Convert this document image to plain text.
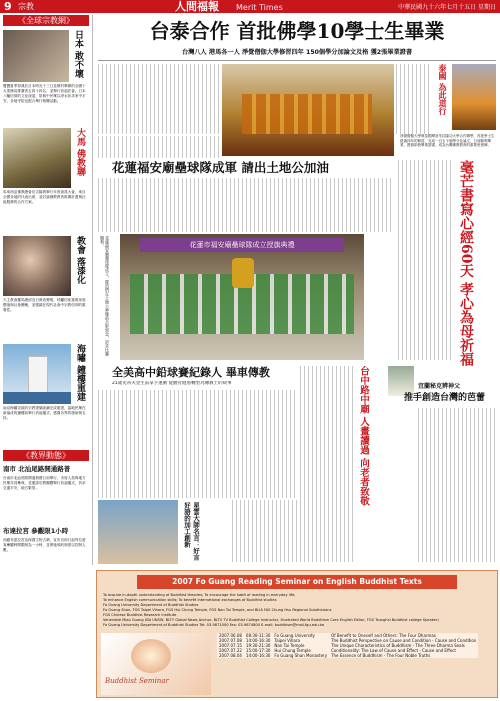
9 宗教	人間福報 Merit Times	中華民國九十六年七月十五日 星期日
《全球宗教網》
日本 敢不壞
寶寶夏季祭典於日本時光十三日及鄉村舉辦的全國十大業務局推廣者五四十四名，並舉行祈福法會。日本八幡信仰的文化深遠，祭典中民眾以淨水祈求家中平安，各地寺院也配合舉行相關活動。
大馬 佛教聯
馬來西亞佛教總會於吉隆坡舉行年度會員大會，來自全國各地的代表出席，並討論佛教教育推廣計畫與社區服務的合作方案。
教會 落漆化
天主教會羅馬總部近日發表聲明，呼籲信徒重視家庭價值與社會關懷，並強調在現代社會中宗教信仰的重要性。
海嘯 鐘樓重建
南亞海嘯災區的宗教建築陸續完成重建，當地民眾在新落成的鐘樓前舉行祈福儀式，感謝各界的援助與支持。
《教界動態》
南市 北汕尾路開通路普
台南市北汕尾路開通典禮日前舉行，市府人員與地方民眾共同參與，並邀請宗教團體舉行祈福儀式，祈求交通平安，地方繁榮。
布達拉宮 參觀限1小時
西藏布達拉宮為保護文物古蹟，宣布自即日起每位遊客參觀時間限制為一小時，並實施預約制度以控制人數。
台泰合作 首批佛學10學士生畢業
台灣八人 港馬各一人 淨覺僧伽大學修習四年 150個學分加論文及格 獲2張畢業證書
泰國 為此道行
淨覺僧伽大學與泰國摩訶朱拉隆功大學合作辦學，首批學士生經過四年的修習，完成一百五十個學分及論文，日前順利畢業，獲頒兩校畢業證書，成為台灣佛教教育的重要里程碑。
花蓮福安廟壘球隊成軍 請出土地公加油
花蓮福安廟壘球隊成立，隊員們在土地公神像前合影留念，祈求比賽順利。	花蓮市福安廟壘球隊成立授旗典禮	毫芒書寫心經60天 孝心為母祈福
全美高中鉛球賽紀錄人 畢車傳教
21歲史蒂夫金生前拿手運動 從體育健將轉型為傳教士的故事
星雲大師名言：好言好語的加工創新
台中路中廟 人畫讀過 向老者致敬	宜蘭秘克辨神父
推手創造台灣的芭蕾
2007 Fo Guang Reading Seminar on English Buddhist Texts
To acquire in-depth understanding of Buddhist theories; To encourage the habit of reading in everyday life;
To enhance English communication skills; To benefit international exchanges of Buddhist studies
Fo Guang University Department of Buddhist Studies
Fo Guang Shan, FGS Taipei Vihara, FGS Hui Chung Temple, FGS Nan Tai Temple, and BLIA FAS Chung Hsu Regional Subdivisions
FGS Chinese Buddhist Research Institute
Venerable Miao Guang (BA UNSW, BLTY Global News Anchor, BLTV TV Buddhist College Instructor, Illustrated World Buddhism Core English Editor, FGS Tsunghsi Buddhist college Speaker)
Fo Guang University Department of Buddhist Studies Tel: 03-9871000 Fax: 03-9874800 E-mail: buddhism@mail.fgu.edu.tw
Buddhist Seminar
2007.06.08	08:30-11:30	Fo Guang University	Of Benefit to Oneself and Others: The Four Dharmas
2007.07.08	14:00-16:30	Taipei Vihara	The Buddhist Perspective on Cause and Condition - Cause and Condition
2007.07.15	19:30-21:30	Nan Tai Temple	The Unique Characteristics of Buddhism - The Three Dharma Seals
2007.07.22	15:00-17:30	Hui Chung Temple	Conditionality: The Law of Cause and Effect - Cause and Effect
2007.08.04	14:00-16:30	Fo Guang Shan Monastery	The Essence of Buddhism - The Four Noble Truths
